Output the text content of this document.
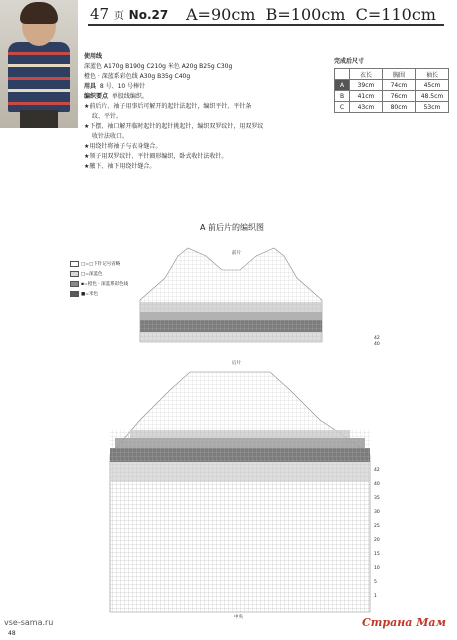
47 页 No.27 A=90cm B=100cm C=110cm
使用线
深蓝色 A170g B190g C210g 米色 A20g B25g C30g
橙色 · 深蓝系彩色线 A30g B35g C40g
用具 8 号、10 号棒针
编织要点 单股线编织。
★前后片、袖子用事后可解开的起针法起针，编织平针、平针条
纹、平针。
★下摆、袖口解开临时起针的起针挑起针，编织双罗纹针，用双罗纹
收针法收口。
★用绕针将袖子与衣身缝合。
★领子用双罗纹针、平针圈形编织，卧式收针法收针。
★腋下、袖下用绕针缝合。
完成后尺寸
	衣长	胸围	袖长
A	39cm	74cm	45cm
B	41cm	76cm	48.5cm
C	43cm	80cm	53cm
A 前后片的编织图
□=□下针记号省略
□=深蓝色
▪=橙色 · 深蓝系彩色线
■=米色
前片
后片
中央
42
40
42
40
35
30
25
20
15
10
5
1
vse-sama.ru
48
Страна Мам
